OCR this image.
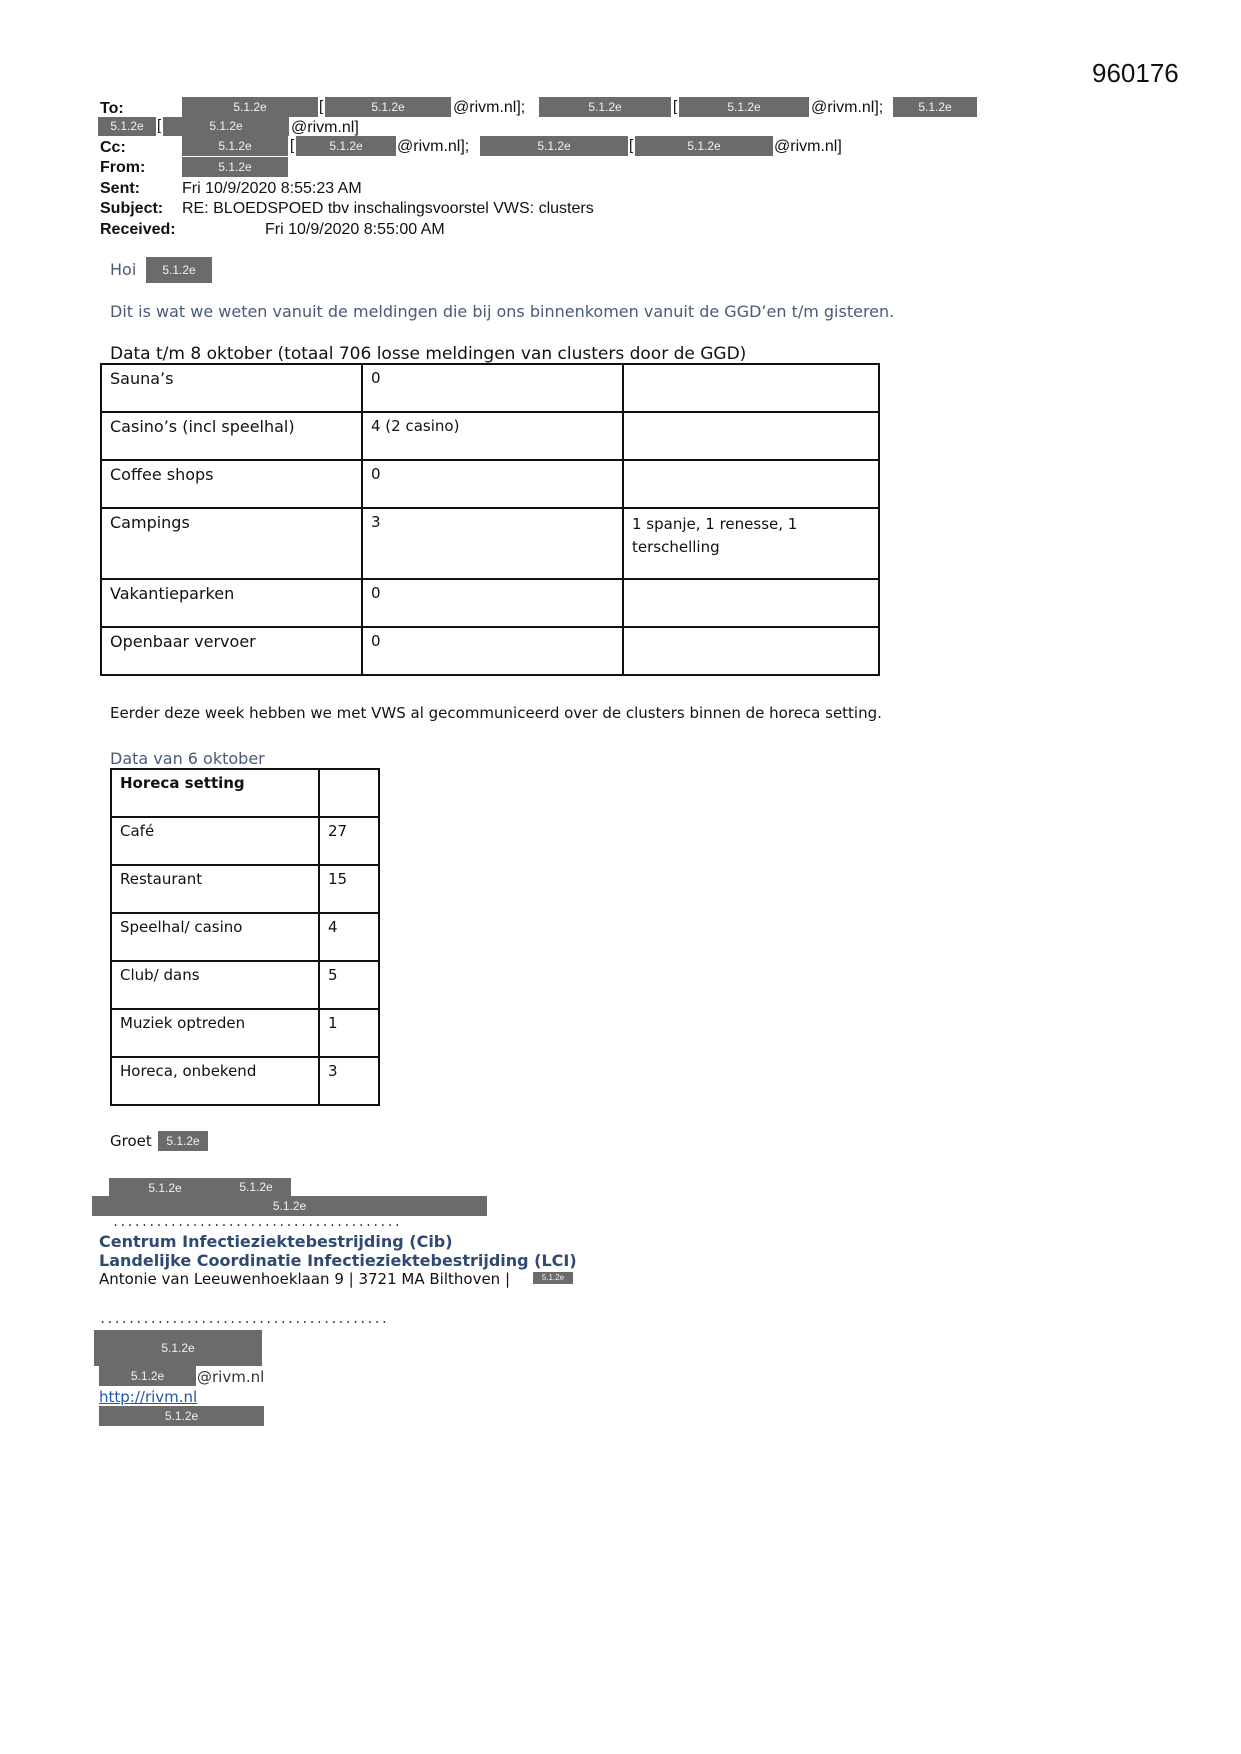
960176
To:	5.1.2e	[	5.1.2e	@rivm.nl];	5.1.2e	[	5.1.2e	@rivm.nl];	5.1.2e
5.1.2e [	5.1.2e	@rivm.nl]
Cc:	5.1.2e	[	5.1.2e	@rivm.nl];	5.1.2e	[	5.1.2e	@rivm.nl]
From:	5.1.2e
Sent:	Fri 10/9/2020 8:55:23 AM
Subject: RE: BLOEDSPOED tbv inschalingsvoorstel VWS: clusters
Received:	Fri 10/9/2020 8:55:00 AM
Hoi	5.1.2e
Dit is wat we weten vanuit de meldingen die bij ons binnenkomen vanuit de GGD’en t/m gisteren.
Data t/m 8 oktober (totaal 706 losse meldingen van clusters door de GGD)
Sauna’s	0	
Casino’s (incl speelhal)	4 (2 casino)	
Coffee shops	0	
Campings	3	1 spanje, 1 renesse, 1 terschelling
Vakantieparken	0	
Openbaar vervoer	0	
Eerder deze week hebben we met VWS al gecommuniceerd over de clusters binnen de horeca setting.
Data van 6 oktober
Horeca setting	
Café	27
Restaurant	15
Speelhal/ casino	4
Club/ dans	5
Muziek optreden	1
Horeca, onbekend	3
Groet	5.1.2e
5.1.2e	5.1.2e
5.1.2e
........................................
Centrum Infectieziektebestrijding (Cib)
Landelijke Coordinatie Infectieziektebestrijding (LCI)
Antonie van Leeuwenhoeklaan 9 | 3721 MA Bilthoven |	5.1.2e
........................................
5.1.2e
5.1.2e	@rivm.nl
http://rivm.nl
5.1.2e
